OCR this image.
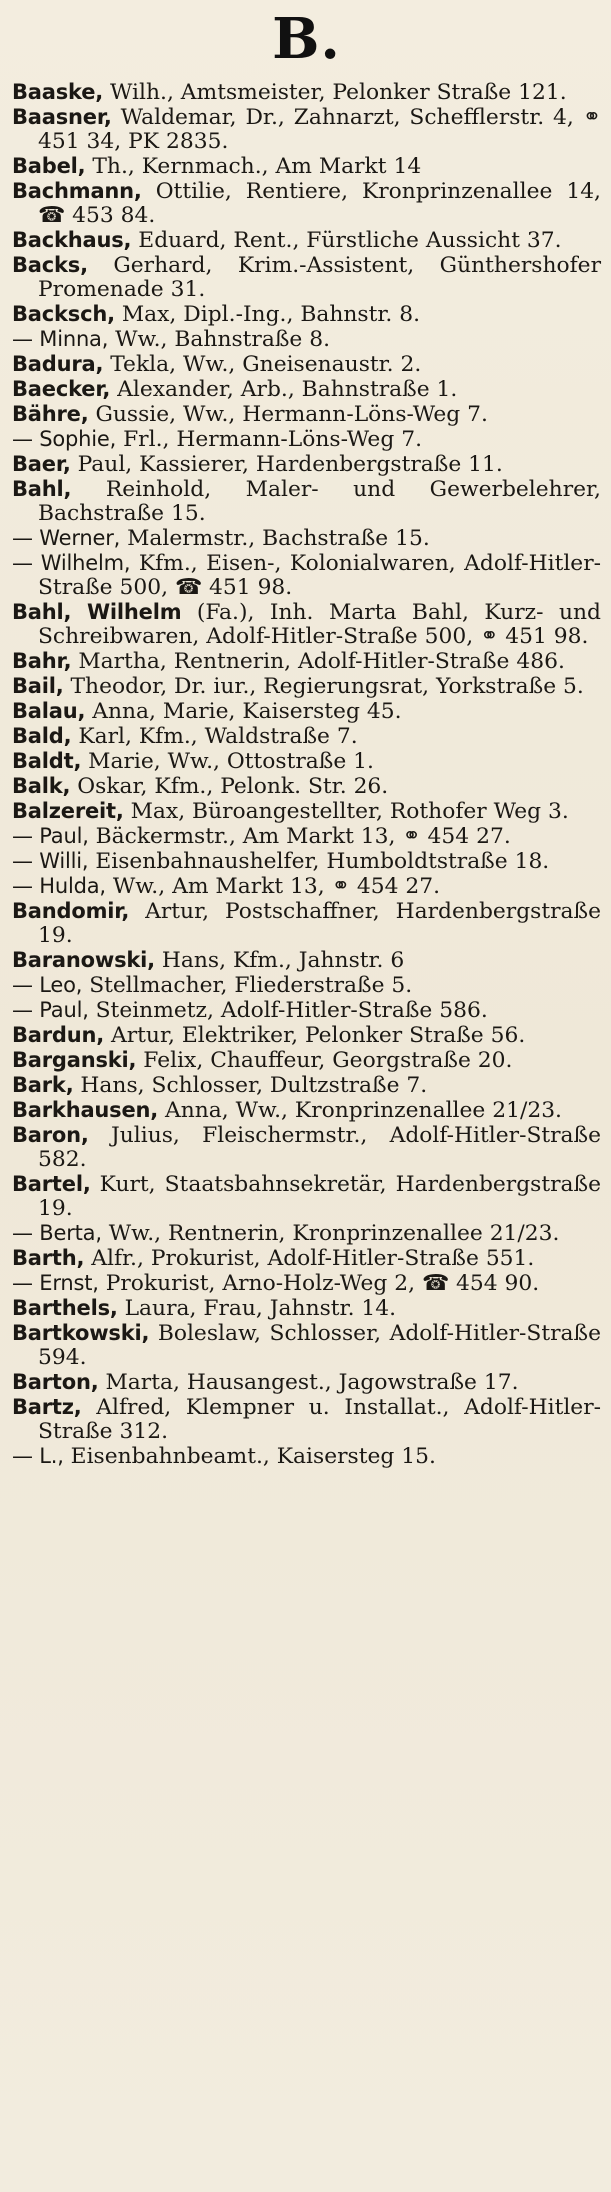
B.

Baaske, Wilh., Amtsmeister, Pelonker Straße 121.

Baasner, Waldemar, Dr., Zahnarzt, Schefflerstr. 4, ⚭ 451 34, PK 2835.

Babel, Th., Kernmach., Am Markt 14

Bachmann, Ottilie, Rentiere, Kronprinzenallee 14, ☎ 453 84.

Backhaus, Eduard, Rent., Fürstliche Aussicht 37.

Backs, Gerhard, Krim.-Assistent, Günthershofer Promenade 31.

Backsch, Max, Dipl.-Ing., Bahnstr. 8.

— Minna, Ww., Bahnstraße 8.

Badura, Tekla, Ww., Gneisenaustr. 2.

Baecker, Alexander, Arb., Bahnstraße 1.

Bähre, Gussie, Ww., Hermann-Löns-Weg 7.

— Sophie, Frl., Hermann-Löns-Weg 7.

Baer, Paul, Kassierer, Hardenbergstraße 11.

Bahl, Reinhold, Maler- und Gewerbelehrer, Bachstraße 15.

— Werner, Malermstr., Bachstraße 15.

— Wilhelm, Kfm., Eisen-, Kolonialwaren, Adolf-Hitler-Straße 500, ☎ 451 98.

Bahl, Wilhelm (Fa.), Inh. Marta Bahl, Kurz- und Schreibwaren, Adolf-Hitler-Straße 500, ⚭ 451 98.

Bahr, Martha, Rentnerin, Adolf-Hitler-Straße 486.

Bail, Theodor, Dr. iur., Regierungsrat, Yorkstraße 5.

Balau, Anna, Marie, Kaisersteg 45.

Bald, Karl, Kfm., Waldstraße 7.

Baldt, Marie, Ww., Ottostraße 1.

Balk, Oskar, Kfm., Pelonk. Str. 26.

Balzereit, Max, Büroangestellter, Rothofer Weg 3.

— Paul, Bäckermstr., Am Markt 13, ⚭ 454 27.

— Willi, Eisenbahnaushelfer, Humboldtstraße 18.

— Hulda, Ww., Am Markt 13, ⚭ 454 27.

Bandomir, Artur, Postschaffner, Hardenbergstraße 19.

Baranowski, Hans, Kfm., Jahnstr. 6

— Leo, Stellmacher, Fliederstraße 5.

— Paul, Steinmetz, Adolf-Hitler-Straße 586.

Bardun, Artur, Elektriker, Pelonker Straße 56.

Barganski, Felix, Chauffeur, Georgstraße 20.

Bark, Hans, Schlosser, Dultzstraße 7.

Barkhausen, Anna, Ww., Kronprinzenallee 21/23.

Baron, Julius, Fleischermstr., Adolf-Hitler-Straße 582.

Bartel, Kurt, Staatsbahnsekretär, Hardenbergstraße 19.

— Berta, Ww., Rentnerin, Kronprinzenallee 21/23.

Barth, Alfr., Prokurist, Adolf-Hitler-Straße 551.

— Ernst, Prokurist, Arno-Holz-Weg 2, ☎ 454 90.

Barthels, Laura, Frau, Jahnstr. 14.

Bartkowski, Boleslaw, Schlosser, Adolf-Hitler-Straße 594.

Barton, Marta, Hausangest., Jagowstraße 17.

Bartz, Alfred, Klempner u. Installat., Adolf-Hitler-Straße 312.

— L., Eisenbahnbeamt., Kaisersteg 15.
